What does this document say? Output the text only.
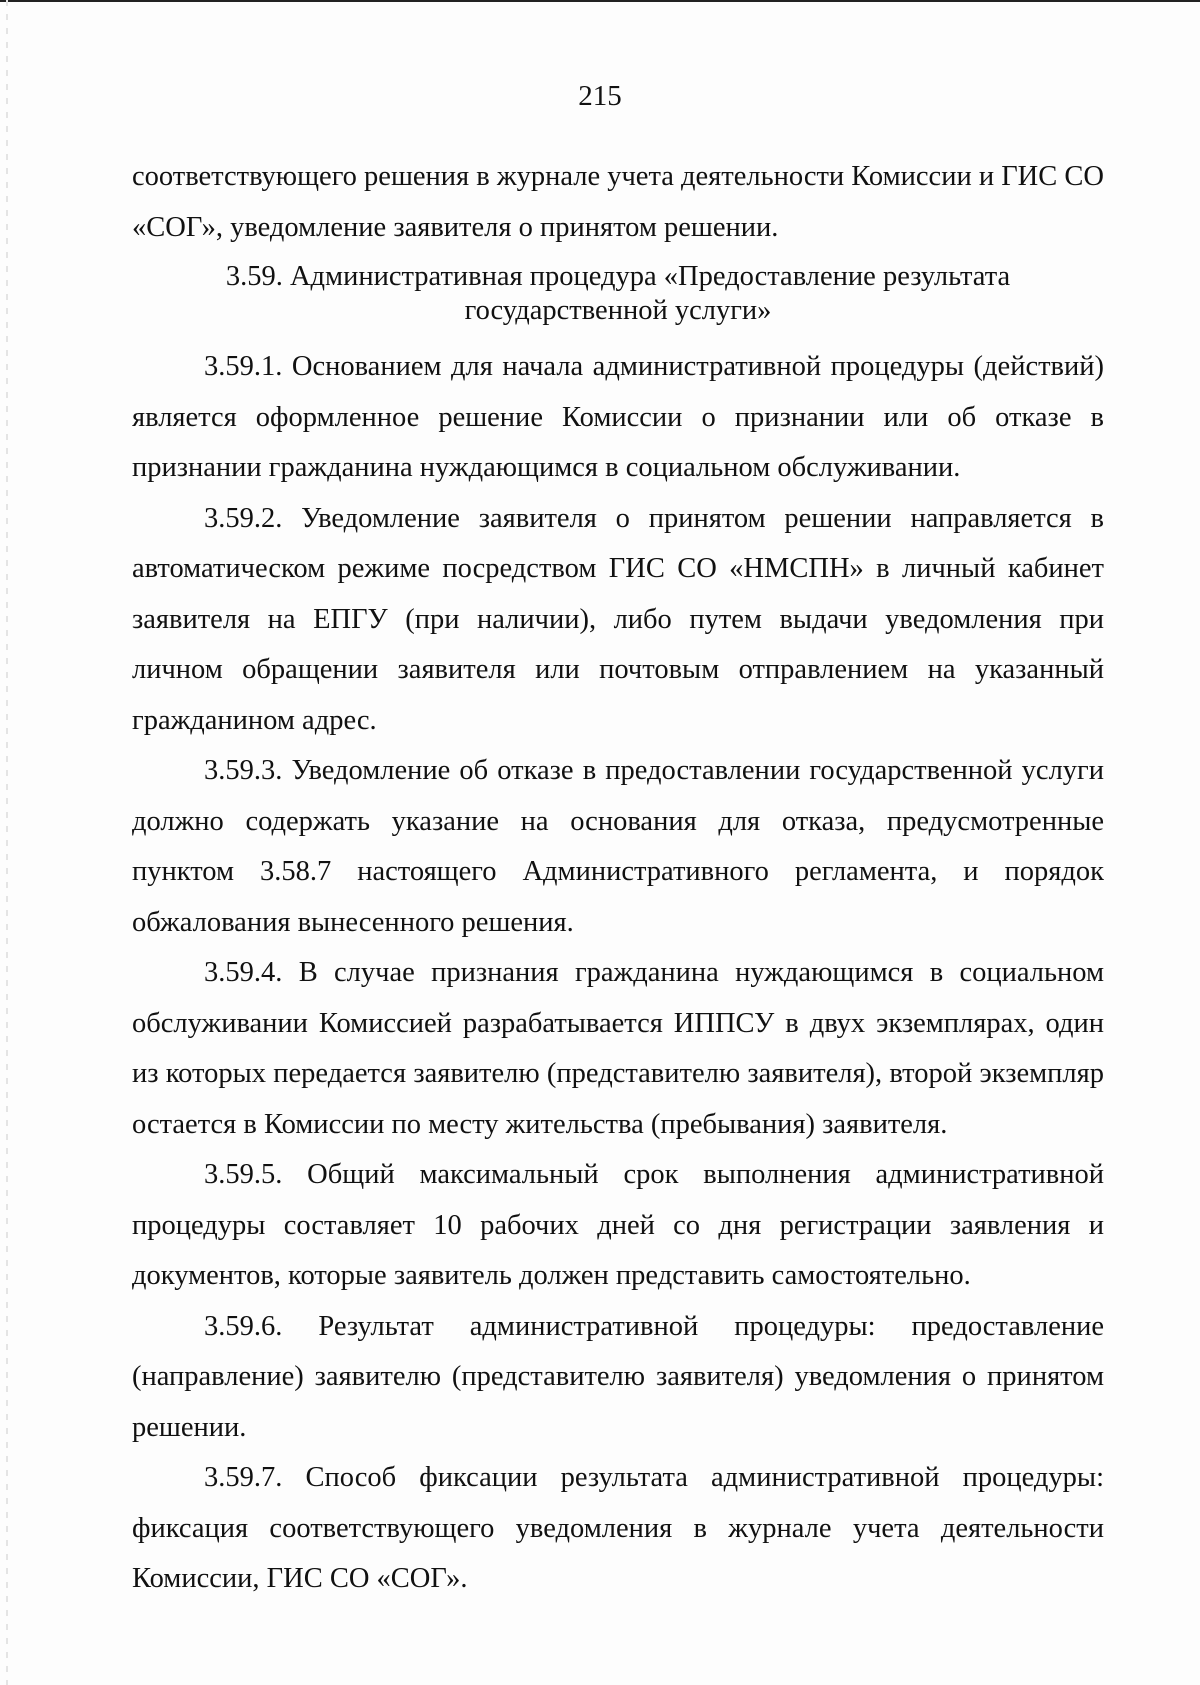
215

соответствующего решения в журнале учета деятельности Комиссии и ГИС СО «СОГ», уведомление заявителя о принятом решении.

3.59. Административная процедура «Предоставление результата
государственной услуги»

3.59.1. Основанием для начала административной процедуры (действий) является оформленное решение Комиссии о признании или об отказе в признании гражданина нуждающимся в социальном обслуживании.

3.59.2. Уведомление заявителя о принятом решении направляется в автоматическом режиме посредством ГИС СО «НМСПН» в личный кабинет заявителя на ЕПГУ (при наличии), либо путем выдачи уведомления при личном обращении заявителя или почтовым отправлением на указанный гражданином адрес.

3.59.3. Уведомление об отказе в предоставлении государственной услуги должно содержать указание на основания для отказа, предусмотренные пунктом 3.58.7 настоящего Административного регламента, и порядок обжалования вынесенного решения.

3.59.4. В случае признания гражданина нуждающимся в социальном обслуживании Комиссией разрабатывается ИППСУ в двух экземплярах, один из которых передается заявителю (представителю заявителя), второй экземпляр остается в Комиссии по месту жительства (пребывания) заявителя.

3.59.5. Общий максимальный срок выполнения административной процедуры составляет 10 рабочих дней со дня регистрации заявления и документов, которые заявитель должен представить самостоятельно.

3.59.6. Результат административной процедуры: предоставление (направление) заявителю (представителю заявителя) уведомления о принятом решении.

3.59.7. Способ фиксации результата административной процедуры: фиксация соответствующего уведомления в журнале учета деятельности Комиссии, ГИС СО «СОГ».
